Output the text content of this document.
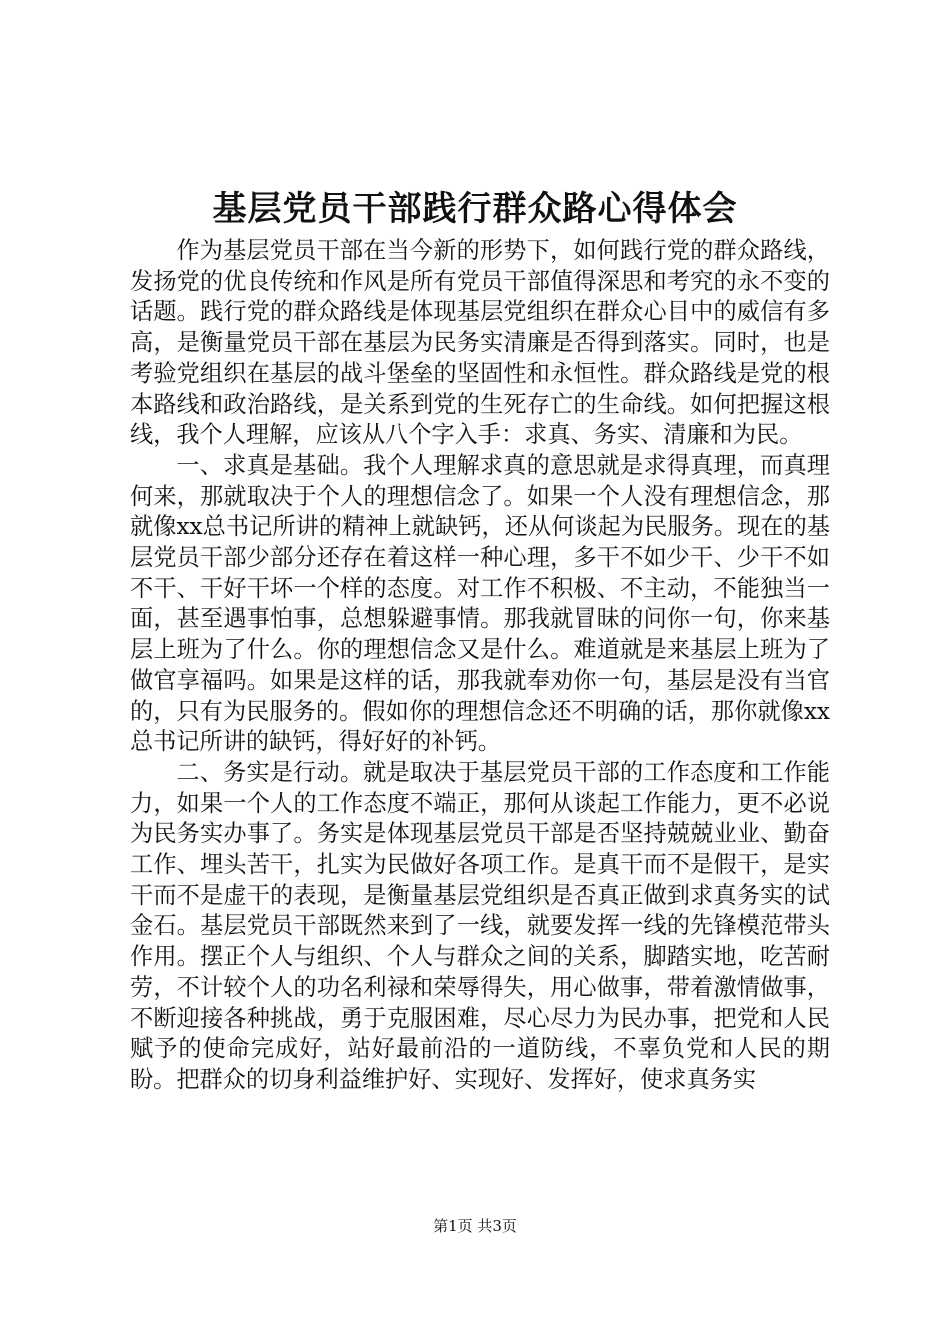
基层党员干部践行群众路心得体会

作为基层党员干部在当今新的形势下，如何践行党的群众路线，发扬党的优良传统和作风是所有党员干部值得深思和考究的永不变的话题。践行党的群众路线是体现基层党组织在群众心目中的威信有多高，是衡量党员干部在基层为民务实清廉是否得到落实。同时，也是考验党组织在基层的战斗堡垒的坚固性和永恒性。群众路线是党的根本路线和政治路线，是关系到党的生死存亡的生命线。如何把握这根线，我个人理解，应该从八个字入手：求真、务实、清廉和为民。

一、求真是基础。我个人理解求真的意思就是求得真理，而真理何来，那就取决于个人的理想信念了。如果一个人没有理想信念，那就像xx总书记所讲的精神上就缺钙，还从何谈起为民服务。现在的基层党员干部少部分还存在着这样一种心理，多干不如少干、少干不如不干、干好干坏一个样的态度。对工作不积极、不主动，不能独当一面，甚至遇事怕事，总想躲避事情。那我就冒昧的问你一句，你来基层上班为了什么。你的理想信念又是什么。难道就是来基层上班为了做官享福吗。如果是这样的话，那我就奉劝你一句，基层是没有当官的，只有为民服务的。假如你的理想信念还不明确的话，那你就像xx总书记所讲的缺钙，得好好的补钙。

二、务实是行动。就是取决于基层党员干部的工作态度和工作能力，如果一个人的工作态度不端正，那何从谈起工作能力，更不必说为民务实办事了。务实是体现基层党员干部是否坚持兢兢业业、勤奋工作、埋头苦干，扎实为民做好各项工作。是真干而不是假干，是实干而不是虚干的表现，是衡量基层党组织是否真正做到求真务实的试金石。基层党员干部既然来到了一线，就要发挥一线的先锋模范带头作用。摆正个人与组织、个人与群众之间的关系，脚踏实地，吃苦耐劳，不计较个人的功名利禄和荣辱得失，用心做事，带着激情做事，不断迎接各种挑战，勇于克服困难，尽心尽力为民办事，把党和人民赋予的使命完成好，站好最前沿的一道防线，不辜负党和人民的期盼。把群众的切身利益维护好、实现好、发挥好，使求真务实

第1页 共3页
